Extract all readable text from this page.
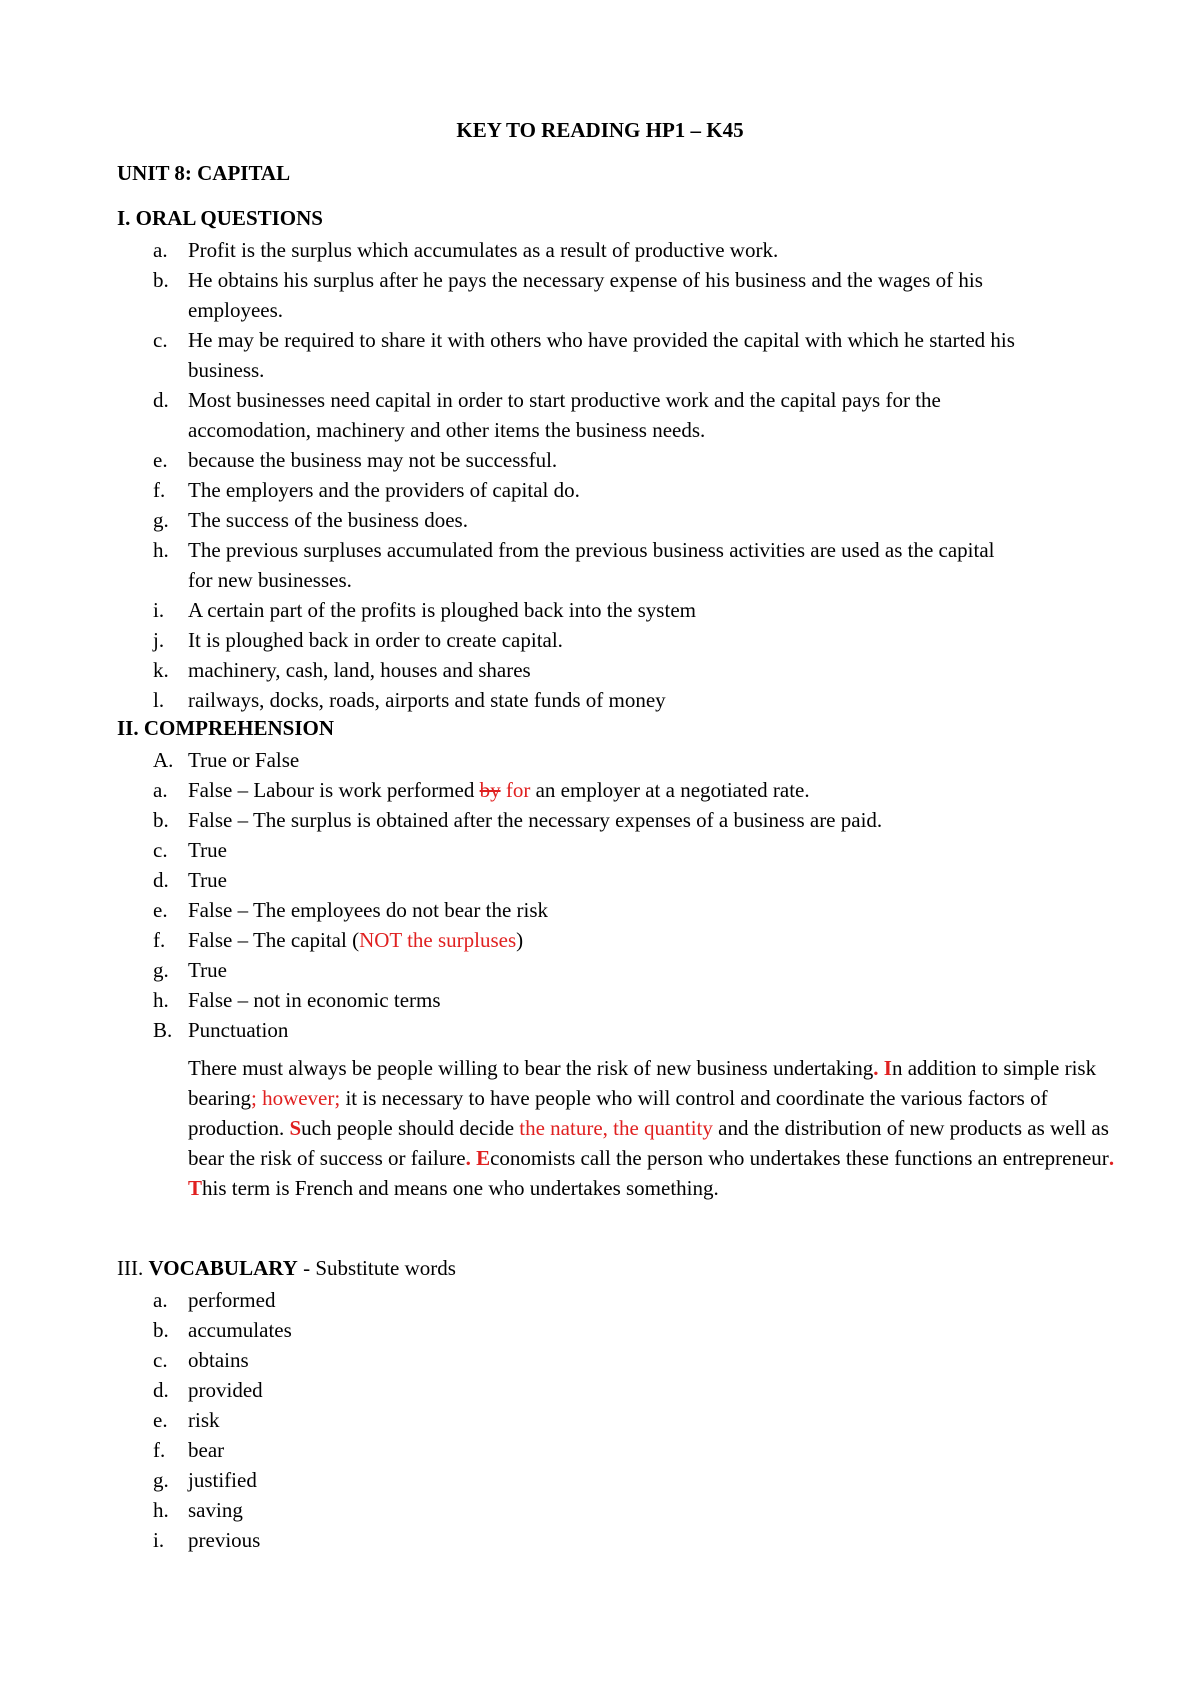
KEY TO READING HP1 – K45
UNIT 8: CAPITAL
I. ORAL QUESTIONS
a. Profit is the surplus which accumulates as a result of productive work.
b. He obtains his surplus after he pays the necessary expense of his business and the wages of his
employees.
c. He may be required to share it with others who have provided the capital with which he started his
business.
d. Most businesses need capital in order to start productive work and the capital pays for the
accomodation, machinery and other items the business needs.
e. because the business may not be successful.
f.	The employers and the providers of capital do.
g. The success of the business does.
h. The previous surpluses accumulated from the previous business activities are used as the capital
for new businesses.
i.	A certain part of the profits is ploughed back into the system
j.	It is ploughed back in order to create capital.
k. machinery, cash, land, houses and shares
l.	railways, docks, roads, airports and state funds of money
II. COMPREHENSION
A. True or False
a. False – Labour is work performed by for an employer at a negotiated rate.
b. False – The surplus is obtained after the necessary expenses of a business are paid.
c. True
d. True
e. False – The employees do not bear the risk
f.	False – The capital (NOT the surpluses)
g. True
h. False – not in economic terms
B. Punctuation
There must always be people willing to bear the risk of new business undertaking. In addition to simple risk bearing; however; it is necessary to have people who will control and coordinate the various factors of production. Such people should decide the nature, the quantity and the distribution of new products as well as bear the risk of success or failure. Economists call the person who undertakes these functions an entrepreneur. This term is French and means one who undertakes something.
III. VOCABULARY - Substitute words
a. performed
b. accumulates
c. obtains
d. provided
e. risk
f.	bear
g. justified
h. saving
i.	previous
